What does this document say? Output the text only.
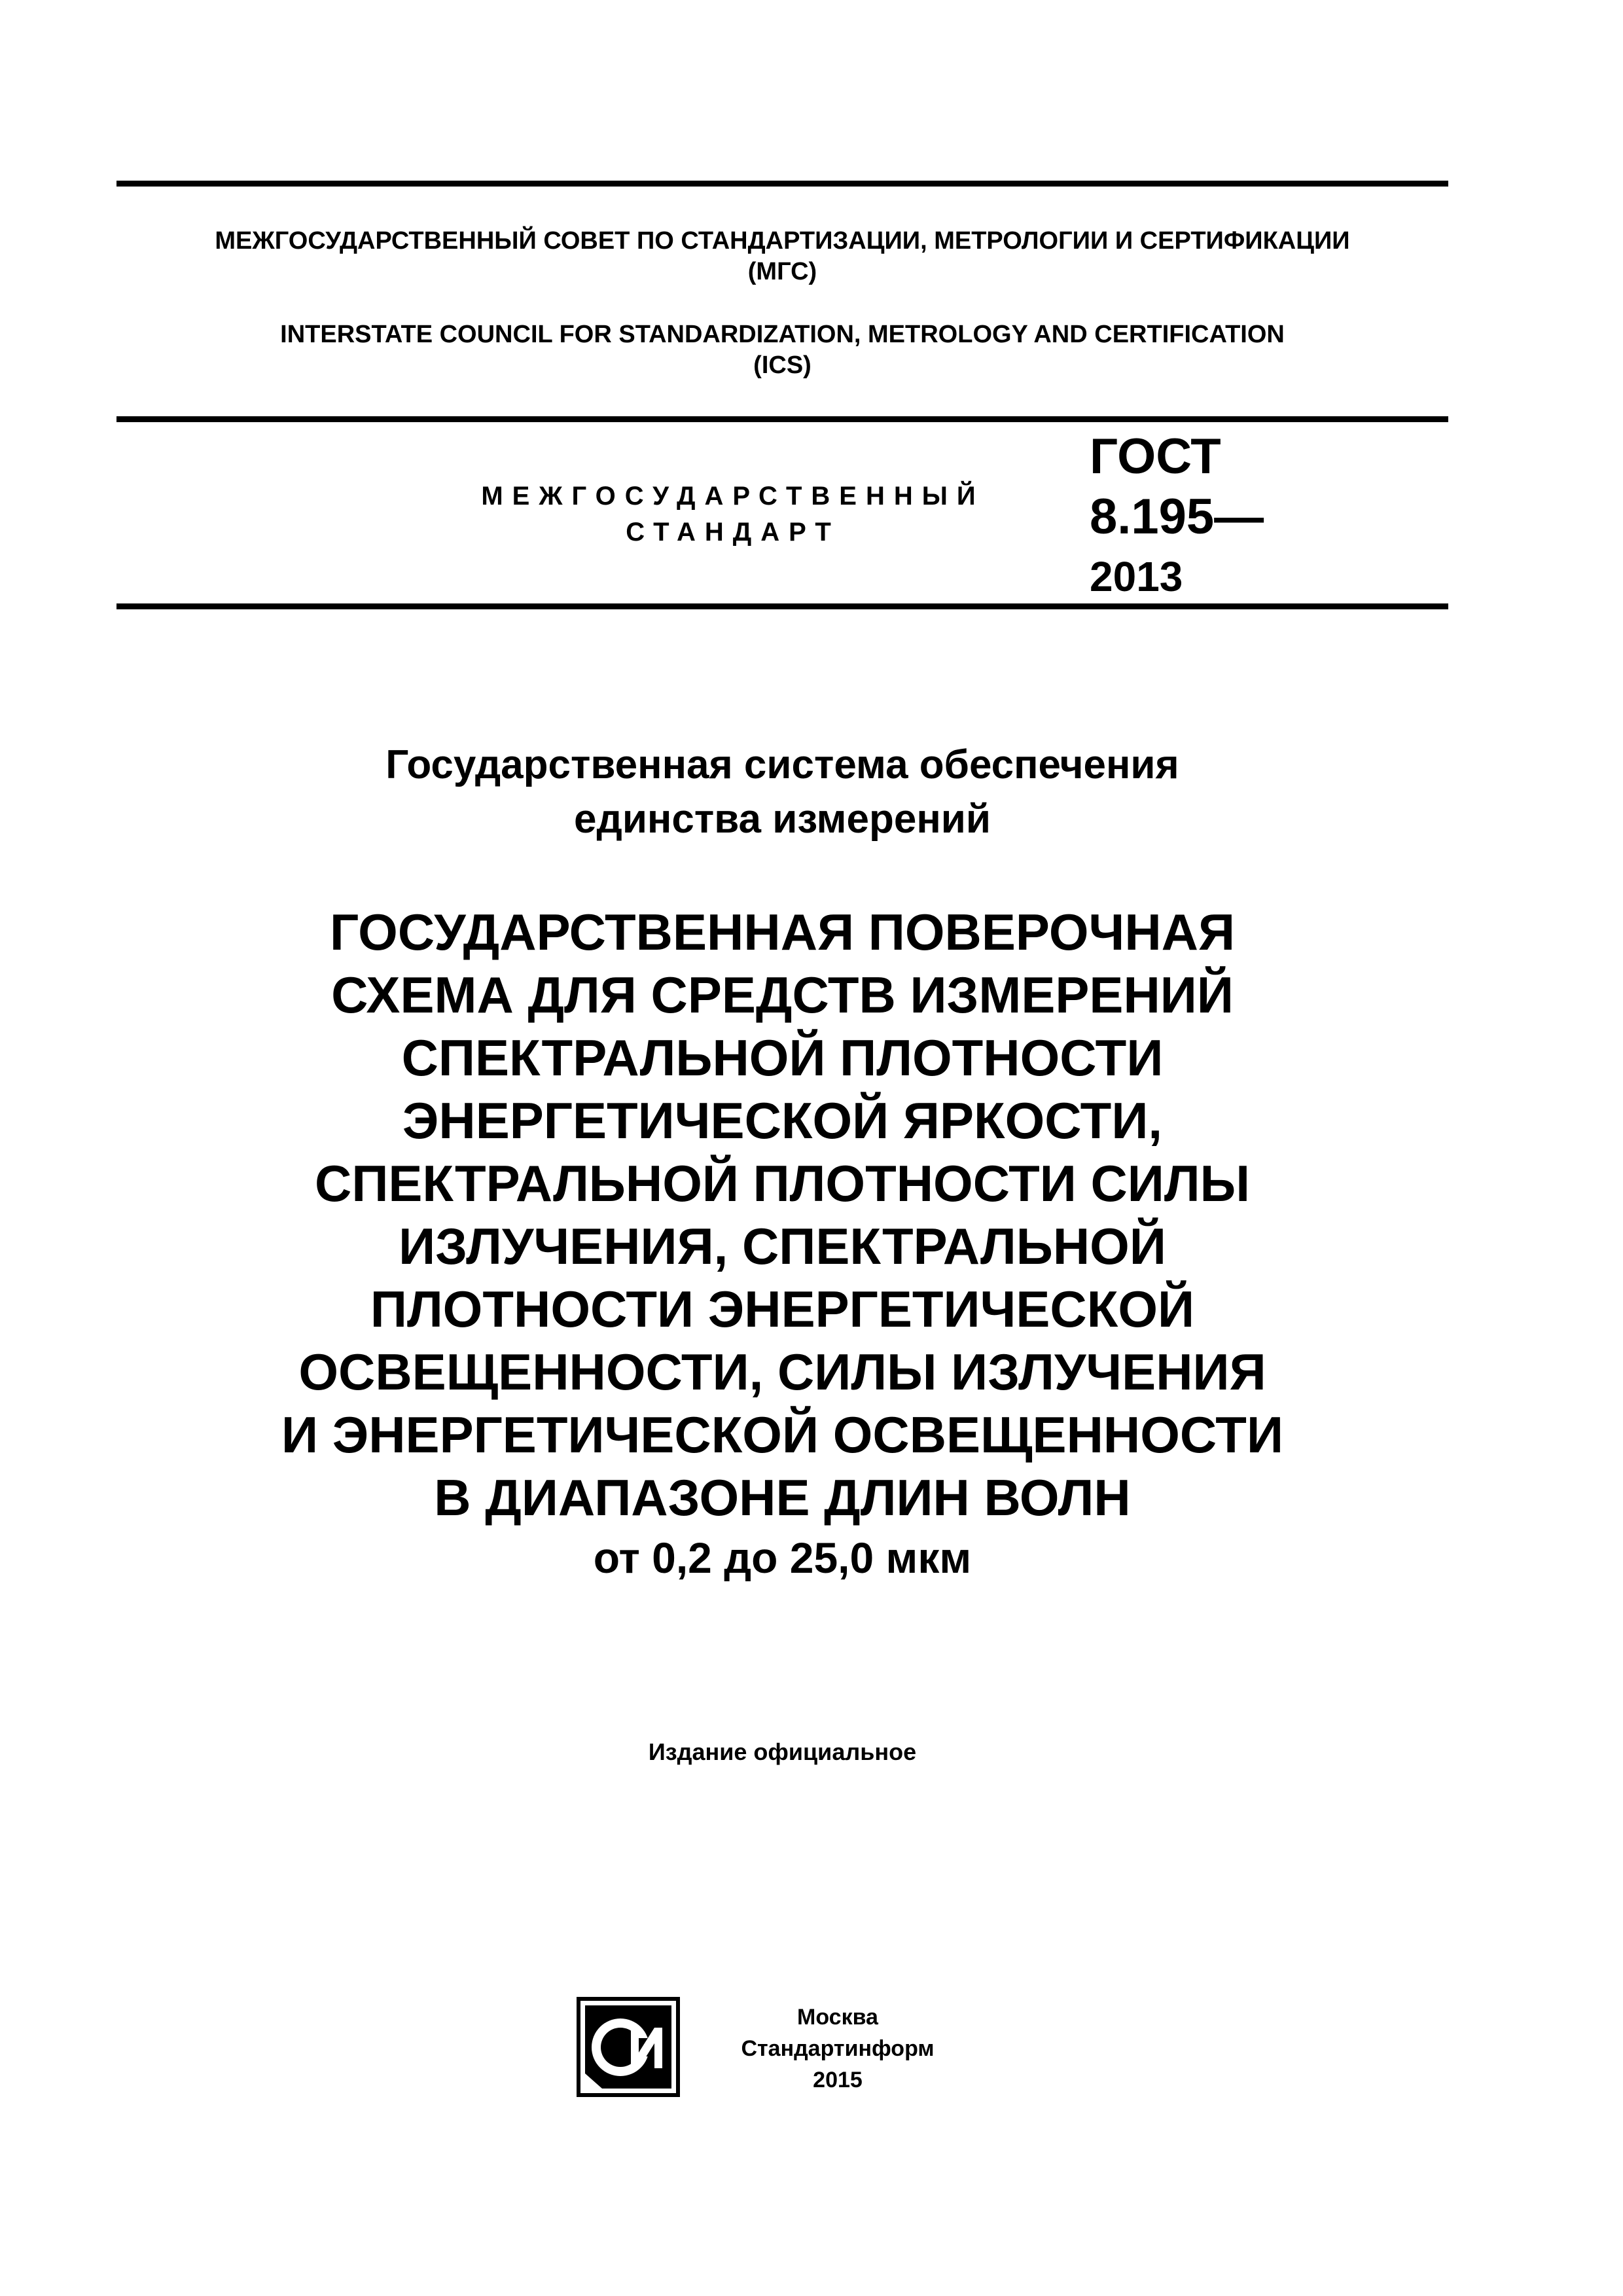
МЕЖГОСУДАРСТВЕННЫЙ СОВЕТ ПО СТАНДАРТИЗАЦИИ, МЕТРОЛОГИИ И СЕРТИФИКАЦИИ
(МГС)
INTERSTATE COUNCIL FOR STANDARDIZATION, METROLOGY AND CERTIFICATION
(ICS)
МЕЖГОСУДАРСТВЕННЫЙ
СТАНДАРТ
ГОСТ
8.195—
2013
Государственная система обеспечения
единства измерений
ГОСУДАРСТВЕННАЯ ПОВЕРОЧНАЯ
СХЕМА ДЛЯ СРЕДСТВ ИЗМЕРЕНИЙ
СПЕКТРАЛЬНОЙ ПЛОТНОСТИ
ЭНЕРГЕТИЧЕСКОЙ ЯРКОСТИ,
СПЕКТРАЛЬНОЙ ПЛОТНОСТИ СИЛЫ
ИЗЛУЧЕНИЯ, СПЕКТРАЛЬНОЙ
ПЛОТНОСТИ ЭНЕРГЕТИЧЕСКОЙ
ОСВЕЩЕННОСТИ, СИЛЫ ИЗЛУЧЕНИЯ
И ЭНЕРГЕТИЧЕСКОЙ ОСВЕЩЕННОСТИ
В ДИАПАЗОНЕ ДЛИН ВОЛН
от 0,2 до 25,0 мкм
Издание официальное
Москва
Стандартинформ
2015
